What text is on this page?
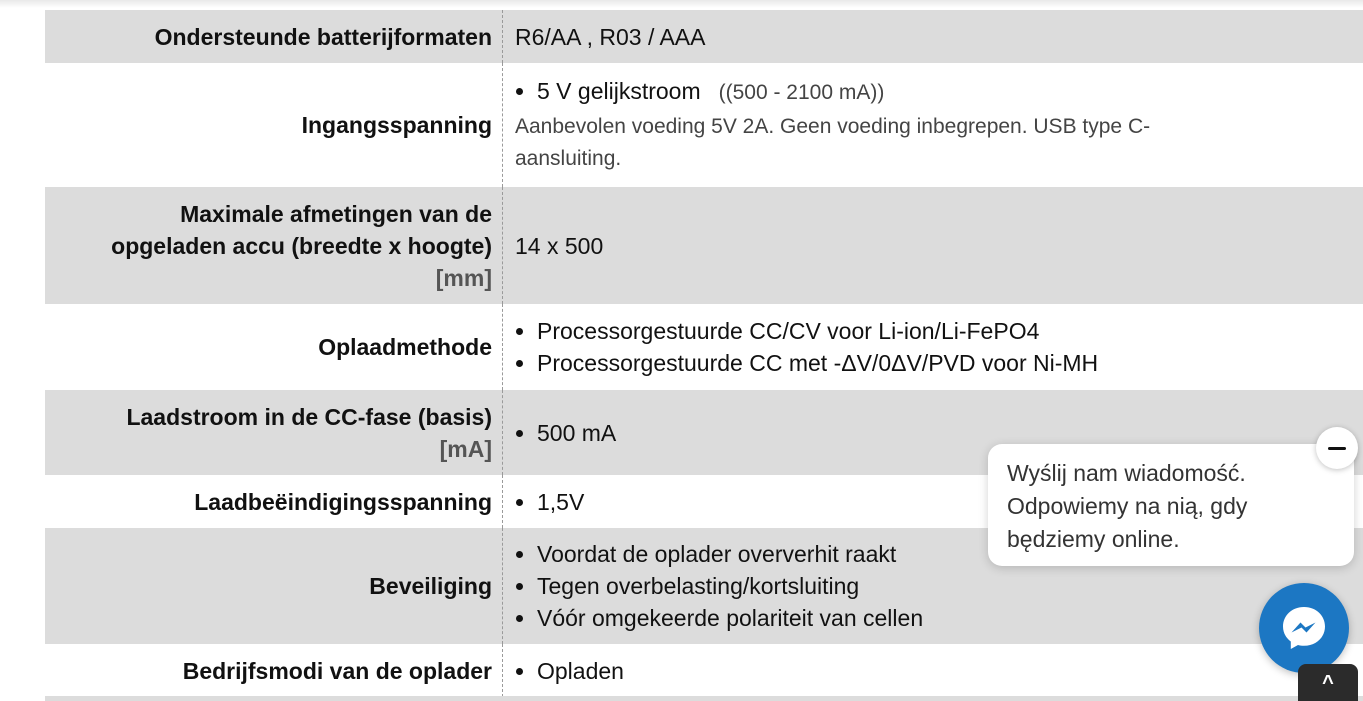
Ondersteunde batterijformaten R6/AA , R03 / AAA
Ingangsspanning
• 5 V gelijkstroom ((500 - 2100 mA))
Aanbevolen voeding 5V 2A. Geen voeding inbegrepen. USB type C-aansluiting.
Maximale afmetingen van de opgeladen accu (breedte x hoogte)
[mm]
14 x 500
Oplaadmethode
• Processorgestuurde CC/CV voor Li-ion/Li-FePO4
• Processorgestuurde CC met -ΔV/0ΔV/PVD voor Ni-MH
Laadstroom in de CC-fase (basis)
[mA]
• 500 mA
Laadbeëindigingsspanning • 1,5V
Beveiliging
• Voordat de oplader oververhit raakt
• Tegen overbelasting/kortsluiting
• Vóór omgekeerde polariteit van cellen
Bedrijfsmodi van de oplader • Opladen
Wyślij nam wiadomość. Odpowiemy na nią, gdy będziemy online.
^
